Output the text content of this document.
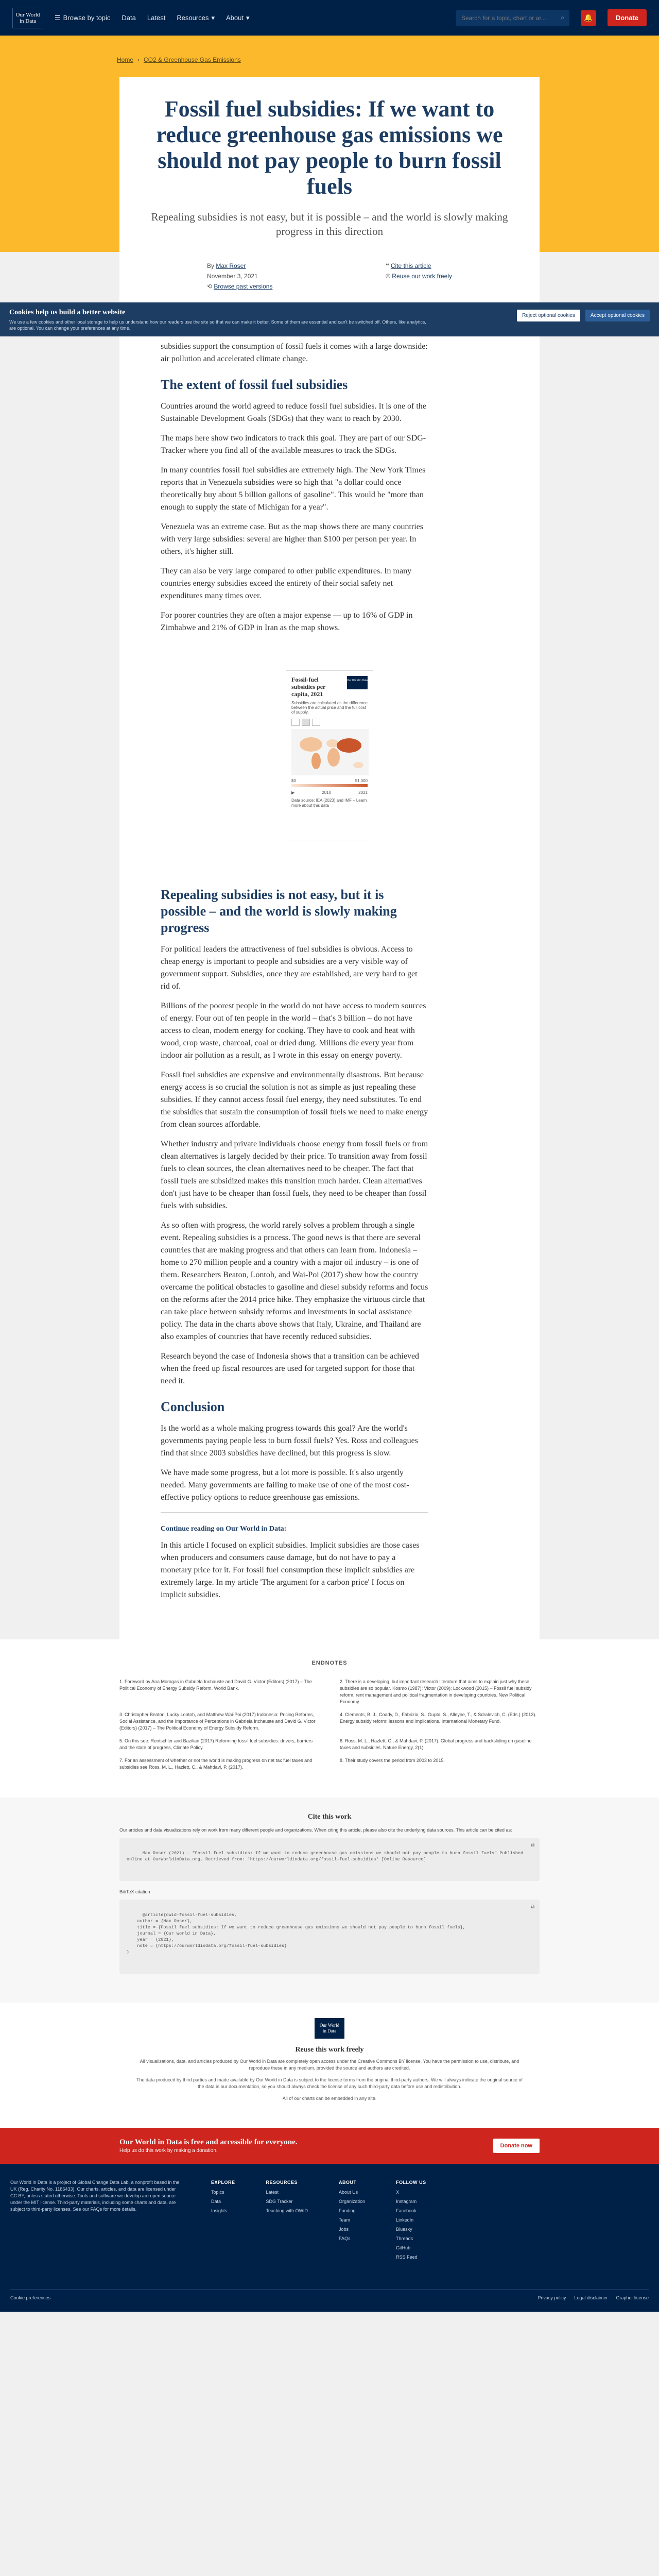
Our World
in Data	☰ Browse by topic Data Latest Resources ▾ About ▾
Search for a topic, chart or ar...	⌕	🔔	Donate
Home › CO2 & Greenhouse Gas Emissions
Fossil fuel subsidies: If we want to reduce greenhouse gas emissions we should not pay people to burn fossil fuels

Repealing subsidies is not easy, but it is possible – and the world is slowly making progress in this direction

By Max Roser
November 3, 2021
⟲ Browse past versions
❝ Cite this article
© Reuse our work freely
Cookies help us build a better website

We use a few cookies and other local storage to help us understand how our readers use the site so that we can make it better. Some of them are essential and can't be switched off. Others, like analytics, are optional. You can change your preferences at any time.

Reject optional cookies	Accept optional cookies

subsidies support the consumption of fossil fuels it comes with a large downside: air pollution and accelerated climate change.

The extent of fossil fuel subsidies

Countries around the world agreed to reduce fossil fuel subsidies. It is one of the Sustainable Development Goals (SDGs) that they want to reach by 2030.

The maps here show two indicators to track this goal. They are part of our SDG-Tracker where you find all of the available measures to track the SDGs.

In many countries fossil fuel subsidies are extremely high. The New York Times reports that in Venezuela subsidies were so high that "a dollar could once theoretically buy about 5 billion gallons of gasoline". This would be "more than enough to supply the state of Michigan for a year".

Venezuela was an extreme case. But as the map shows there are many countries with very large subsidies: several are higher than $100 per person per year. In others, it's higher still.

They can also be very large compared to other public expenditures. In many countries energy subsidies exceed the entirety of their social safety net expenditures many times over.

For poorer countries they are often a major expense — up to 16% of GDP in Zimbabwe and 21% of GDP in Iran as the map shows.

Fossil-fuel subsidies per capita, 2021
Our World in Data
Subsidies are calculated as the difference between the actual price and the full cost of supply.
$0	$1,000
▶	2010	2021
Data source: IEA (2023) and IMF – Learn more about this data
Repealing subsidies is not easy, but it is possible – and the world is slowly making progress

For political leaders the attractiveness of fuel subsidies is obvious. Access to cheap energy is important to people and subsidies are a very visible way of government support. Subsidies, once they are established, are very hard to get rid of.

Billions of the poorest people in the world do not have access to modern sources of energy. Four out of ten people in the world – that's 3 billion – do not have access to clean, modern energy for cooking. They have to cook and heat with wood, crop waste, charcoal, coal or dried dung. Millions die every year from indoor air pollution as a result, as I wrote in this essay on energy poverty.

Fossil fuel subsidies are expensive and environmentally disastrous. But because energy access is so crucial the solution is not as simple as just repealing these subsidies. If they cannot access fossil fuel energy, they need substitutes. To end the subsidies that sustain the consumption of fossil fuels we need to make energy from clean sources affordable.

Whether industry and private individuals choose energy from fossil fuels or from clean alternatives is largely decided by their price. To transition away from fossil fuels to clean sources, the clean alternatives need to be cheaper. The fact that fossil fuels are subsidized makes this transition much harder. Clean alternatives don't just have to be cheaper than fossil fuels, they need to be cheaper than fossil fuels with subsidies.

As so often with progress, the world rarely solves a problem through a single event. Repealing subsidies is a process. The good news is that there are several countries that are making progress and that others can learn from. Indonesia – home to 270 million people and a country with a major oil industry – is one of them. Researchers Beaton, Lontoh, and Wai-Poi (2017) show how the country overcame the political obstacles to gasoline and diesel subsidy reforms and focus on the reforms after the 2014 price hike. They emphasize the virtuous circle that can take place between subsidy reforms and investments in social assistance policy. The data in the charts above shows that Italy, Ukraine, and Thailand are also examples of countries that have recently reduced subsidies.

Research beyond the case of Indonesia shows that a transition can be achieved when the freed up fiscal resources are used for targeted support for those that need it.

Conclusion

Is the world as a whole making progress towards this goal? Are the world's governments paying people less to burn fossil fuels? Yes. Ross and colleagues find that since 2003 subsidies have declined, but this progress is slow.

We have made some progress, but a lot more is possible. It's also urgently needed. Many governments are failing to make use of one of the most cost-effective policy options to reduce greenhouse gas emissions.

Continue reading on Our World in Data:

In this article I focused on explicit subsidies. Implicit subsidies are those cases when producers and consumers cause damage, but do not have to pay a monetary price for it. For fossil fuel consumption these implicit subsidies are extremely large. In my article 'The argument for a carbon price' I focus on implicit subsidies.

ENDNOTES
1. Foreword by Ana Moragas in Gabriela Inchauste and David G. Victor (Editors) (2017) – The Political Economy of Energy Subsidy Reform. World Bank.
2. There is a developing, but important research literature that aims to explain just why these subsidies are so popular. Kosmo (1987); Victor (2009); Lockwood (2015) – Fossil fuel subsidy reform, rent management and political fragmentation in developing countries. New Political Economy.
3. Christopher Beaton, Lucky Lontoh, and Matthew Wai-Poi (2017) Indonesia: Pricing Reforms, Social Assistance, and the Importance of Perceptions in Gabriela Inchauste and David G. Victor (Editors) (2017) – The Political Economy of Energy Subsidy Reform.
4. Clements, B. J., Coady, D., Fabrizio, S., Gupta, S., Alleyne, T., & Sdralevich, C. (Eds.) (2013). Energy subsidy reform: lessons and implications. International Monetary Fund.
5. On this see: Rentschler and Bazilian (2017) Reforming fossil fuel subsidies: drivers, barriers and the state of progress, Climate Policy.
6. Ross, M. L., Hazlett, C., & Mahdavi, P. (2017). Global progress and backsliding on gasoline taxes and subsidies. Nature Energy, 2(1).
7. For an assessment of whether or not the world is making progress on net tax fuel taxes and subsidies see Ross, M. L., Hazlett, C., & Mahdavi, P. (2017).
8. Their study covers the period from 2003 to 2015.
Cite this work

Our articles and data visualizations rely on work from many different people and organizations. When citing this article, please also cite the underlying data sources. This article can be cited as:

Max Roser (2021) - "Fossil fuel subsidies: If we want to reduce greenhouse gas emissions we should not pay people to burn fossil fuels" Published online at OurWorldinData.org. Retrieved from: 'https://ourworldindata.org/fossil-fuel-subsidies' [Online Resource]

⧉

BibTeX citation

@article{owid-fossil-fuel-subsidies,
author = {Max Roser},
title = {Fossil fuel subsidies: If we want to reduce greenhouse gas emissions we should not pay people to burn fossil fuels},
journal = {Our World in Data},
year = {2021},
note = {https://ourworldindata.org/fossil-fuel-subsidies}
}

⧉

Our World
in Data
Reuse this work freely

All visualizations, data, and articles produced by Our World in Data are completely open access under the Creative Commons BY license. You have the permission to use, distribute, and reproduce these in any medium, provided the source and authors are credited.

The data produced by third parties and made available by Our World in Data is subject to the license terms from the original third-party authors. We will always indicate the original source of the data in our documentation, so you should always check the license of any such third-party data before use and redistribution.

All of our charts can be embedded in any site.

Our World in Data is free and accessible for everyone.

Help us do this work by making a donation.

Donate now
Our World in Data is a project of Global Change Data Lab, a nonprofit based in the UK (Reg. Charity No. 1186433). Our charts, articles, and data are licensed under CC BY, unless stated otherwise. Tools and software we develop are open source under the MIT license. Third-party materials, including some charts and data, are subject to third-party licenses. See our FAQs for more details.
EXPLORE
Topics
Data
Insights
RESOURCES
Latest
SDG Tracker
Teaching with OWID
ABOUT
About Us
Organization
Funding
Team
Jobs
FAQs
FOLLOW US
X
Instagram
Facebook
LinkedIn
Bluesky
Threads
GitHub
RSS Feed
Cookie preferences	Privacy policy Legal disclaimer Grapher license
